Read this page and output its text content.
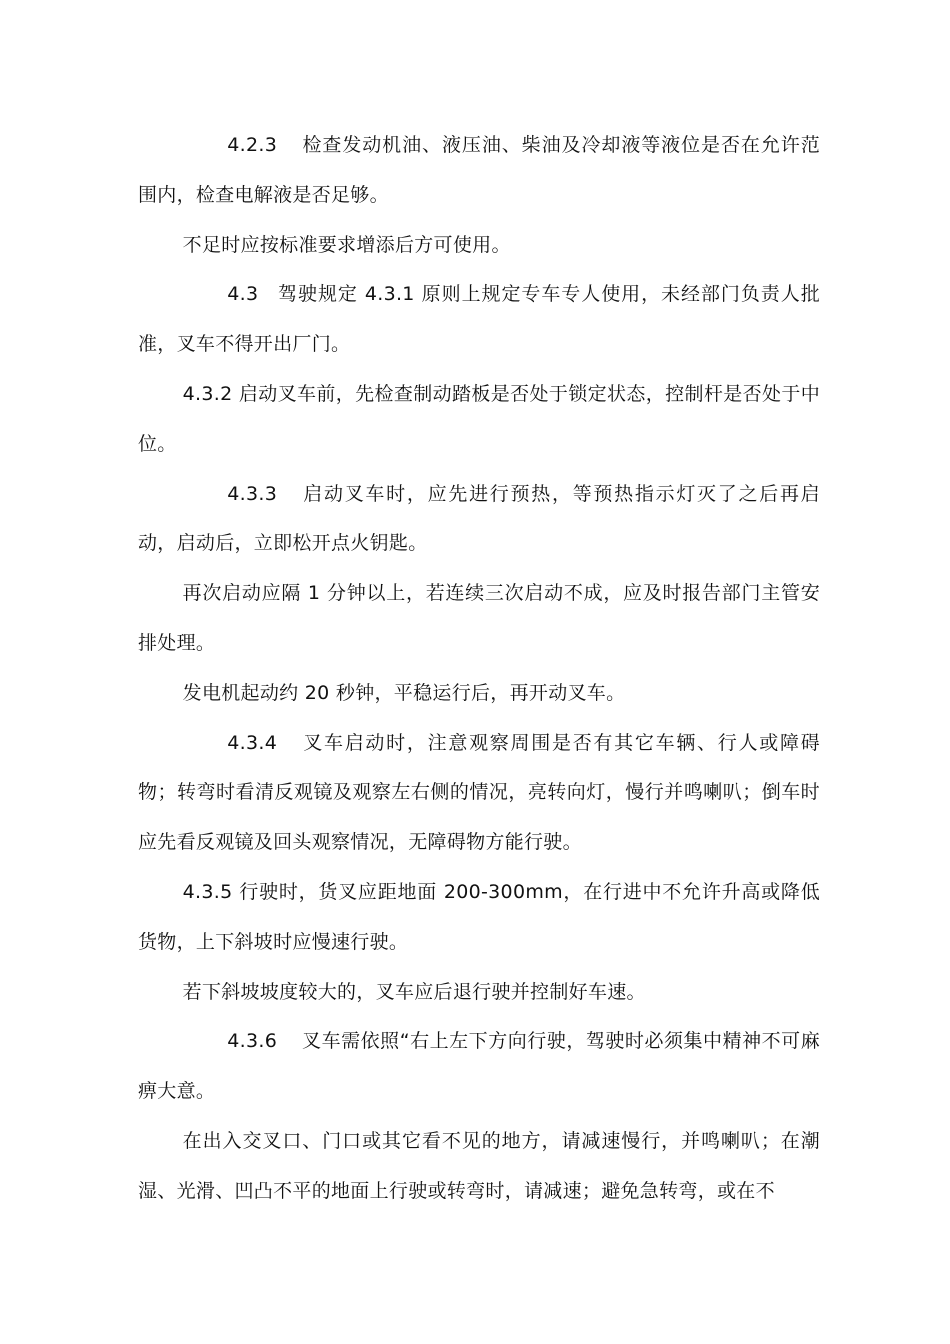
4.2.3 检查发动机油、液压油、柴油及冷却液等液位是否在允许范围内，检查电解液是否足够。

不足时应按标准要求增添后方可使用。

4.3 驾驶规定 4.3.1 原则上规定专车专人使用，未经部门负责人批准，叉车不得开出厂门。

4.3.2 启动叉车前，先检查制动踏板是否处于锁定状态，控制杆是否处于中位。

4.3.3 启动叉车时，应先进行预热，等预热指示灯灭了之后再启动，启动后，立即松开点火钥匙。

再次启动应隔 1 分钟以上，若连续三次启动不成，应及时报告部门主管安排处理。

发电机起动约 20 秒钟，平稳运行后，再开动叉车。

4.3.4 叉车启动时，注意观察周围是否有其它车辆、行人或障碍物；转弯时看清反观镜及观察左右侧的情况，亮转向灯，慢行并鸣喇叭；倒车时应先看反观镜及回头观察情况，无障碍物方能行驶。

4.3.5 行驶时，货叉应距地面 200-300mm，在行进中不允许升高或降低货物，上下斜坡时应慢速行驶。

若下斜坡坡度较大的，叉车应后退行驶并控制好车速。

4.3.6 叉车需依照“右上左下方向行驶，驾驶时必须集中精神不可麻痹大意。

在出入交叉口、门口或其它看不见的地方，请减速慢行，并鸣喇叭；在潮湿、光滑、凹凸不平的地面上行驶或转弯时，请减速；避免急转弯，或在不
